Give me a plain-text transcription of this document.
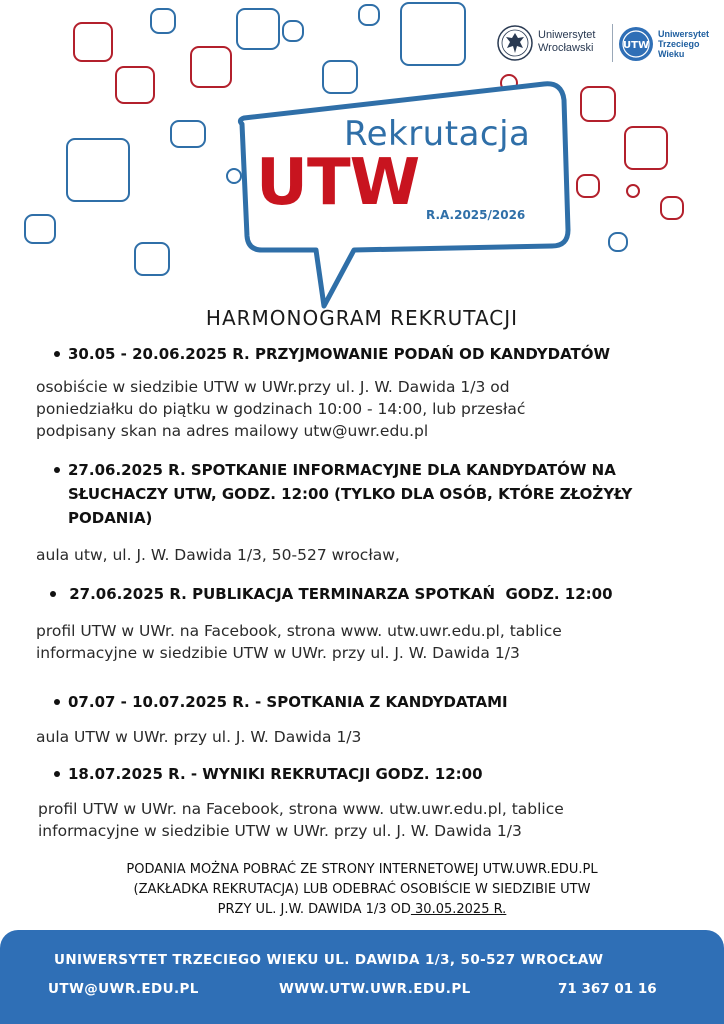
Uniwersytet
Wrocławski	UTW
Uniwersytet
Trzeciego
Wieku
Rekrutacja
UTW R.A.2025/2026
HARMONOGRAM REKRUTACJI
30.05 - 20.06.2025 R. PRZYJMOWANIE PODAŃ OD KANDYDATÓW
osobiście w siedzibie UTW w UWr.przy ul. J. W. Dawida 1/3 od
poniedziałku do piątku w godzinach 10:00 - 14:00, lub przesłać
podpisany skan na adres mailowy utw@uwr.edu.pl
27.06.2025 R. SPOTKANIE INFORMACYJNE DLA KANDYDATÓW NA
SŁUCHACZY UTW, GODZ. 12:00 (TYLKO DLA OSÓB, KTÓRE ZŁOŻYŁY
PODANIA)
aula utw, ul. J. W. Dawida 1/3, 50-527 wrocław,
27.06.2025 R. PUBLIKACJA TERMINARZA SPOTKAŃ  GODZ. 12:00
profil UTW w UWr. na Facebook, strona www. utw.uwr.edu.pl, tablice
informacyjne w siedzibie UTW w UWr. przy ul. J. W. Dawida 1/3
07.07 - 10.07.2025 R. - SPOTKANIA Z KANDYDATAMI
aula UTW w UWr. przy ul. J. W. Dawida 1/3
18.07.2025 R. - WYNIKI REKRUTACJI GODZ. 12:00
profil UTW w UWr. na Facebook, strona www. utw.uwr.edu.pl, tablice
informacyjne w siedzibie UTW w UWr. przy ul. J. W. Dawida 1/3
PODANIA MOŻNA POBRAĆ ZE STRONY INTERNETOWEJ UTW.UWR.EDU.PL
(ZAKŁADKA REKRUTACJA) LUB ODEBRAĆ OSOBIŚCIE W SIEDZIBIE UTW
PRZY UL. J.W. DAWIDA 1/3 OD 30.05.2025 R.
UNIWERSYTET TRZECIEGO WIEKU UL. DAWIDA 1/3, 50-527 WROCŁAW
UTW@UWR.EDU.PL	WWW.UTW.UWR.EDU.PL	71 367 01 16
